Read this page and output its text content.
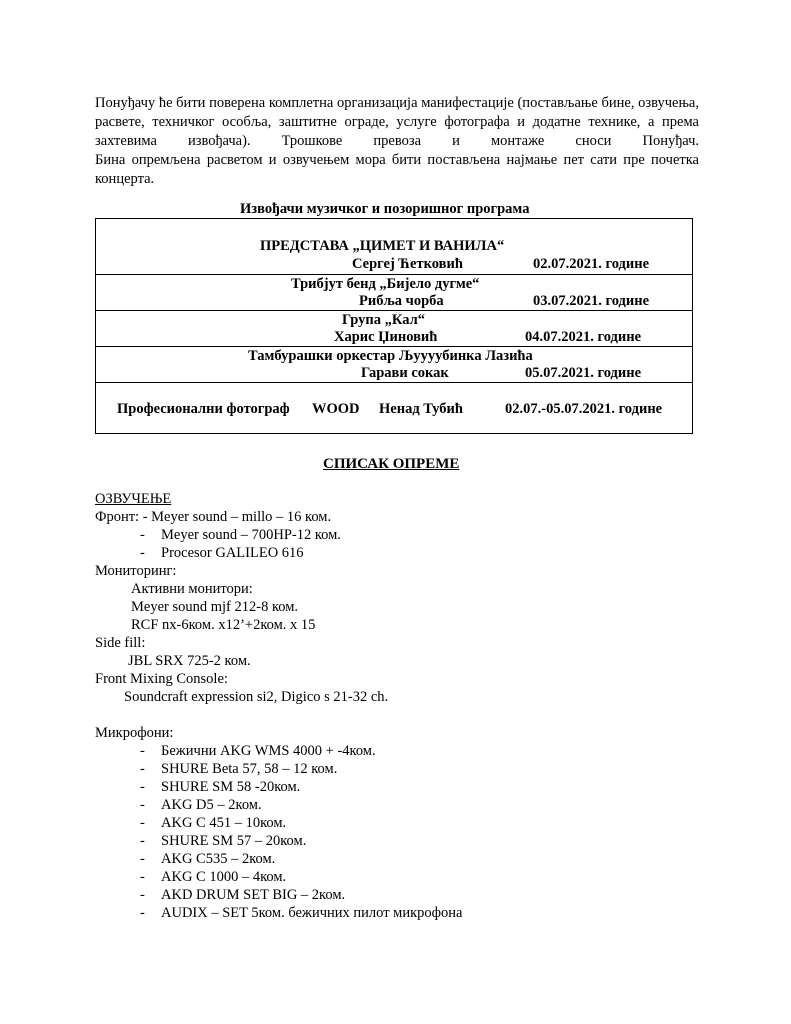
Понуђачу ће бити поверена комплетна организација манифестације (постављање бине, озвучења, расвете, техничког особља, заштитне ограде, услуге фотографа и додатне технике, а према захтевима извођача). Трошкове превоза и монтаже сноси Понуђач.

Бина опремљена расветом и озвучењем мора бити постављена најмање пет сати пре почетка концерта.

Извођачи музичког и позоришног програма
ПРЕДСТАВА „ЦИМЕТ И ВАНИЛА“
Сергеј Ћетковић	02.07.2021. године
Трибјут бенд „Бијело дугме“
Рибља чорба	03.07.2021. године
Група „Кал“
Харис Џиновић	04.07.2021. године
Тамбурашки оркестар Љуууубинка Лазића
Гарави сокак	05.07.2021. године
Професионални фотограф WOOD Ненад Тубић	02.07.-05.07.2021. године
СПИСАК ОПРЕМЕ
ОЗВУЧЕЊЕ
Фронт: - Meyer sound – millo – 16 ком.
- Meyer sound – 700HP-12 ком.
- Procesor GALILEO 616
Мониторинг:
Активни монитори:
Meyer sound mjf 212-8 ком.
RCF nx-6ком. x12’+2ком. x 15
Side fill:
JBL SRX 725-2 ком.
Front Mixing Console:
Soundcraft expression si2, Digico s 21-32 ch.
Микрофони:
- Бежични AKG WMS 4000 + -4ком.
- SHURE Beta 57, 58 – 12 ком.
- SHURE SM 58 -20ком.
- AKG D5 – 2ком.
- AKG C 451 – 10ком.
- SHURE SM 57 – 20ком.
- AKG C535 – 2ком.
- AKG C 1000 – 4ком.
- AKD DRUM SET BIG – 2ком.
- AUDIX – SET 5ком. бежичних пилот микрофона
